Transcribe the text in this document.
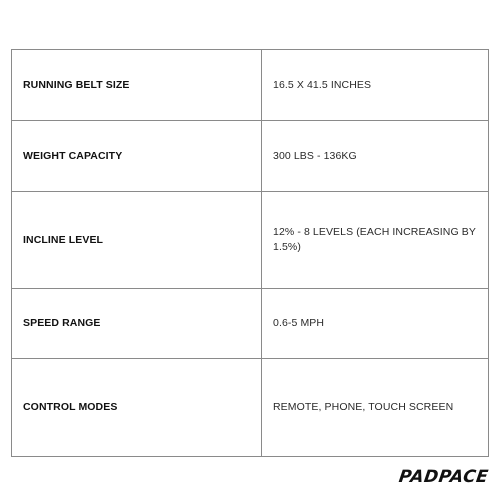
RUNNING BELT SIZE	16.5 X 41.5 INCHES
WEIGHT CAPACITY	300 LBS - 136KG
INCLINE LEVEL	12% - 8 LEVELS (EACH INCREASING BY 1.5%)
SPEED RANGE	0.6-5 MPH
CONTROL MODES	REMOTE, PHONE, TOUCH SCREEN
PADPACE
